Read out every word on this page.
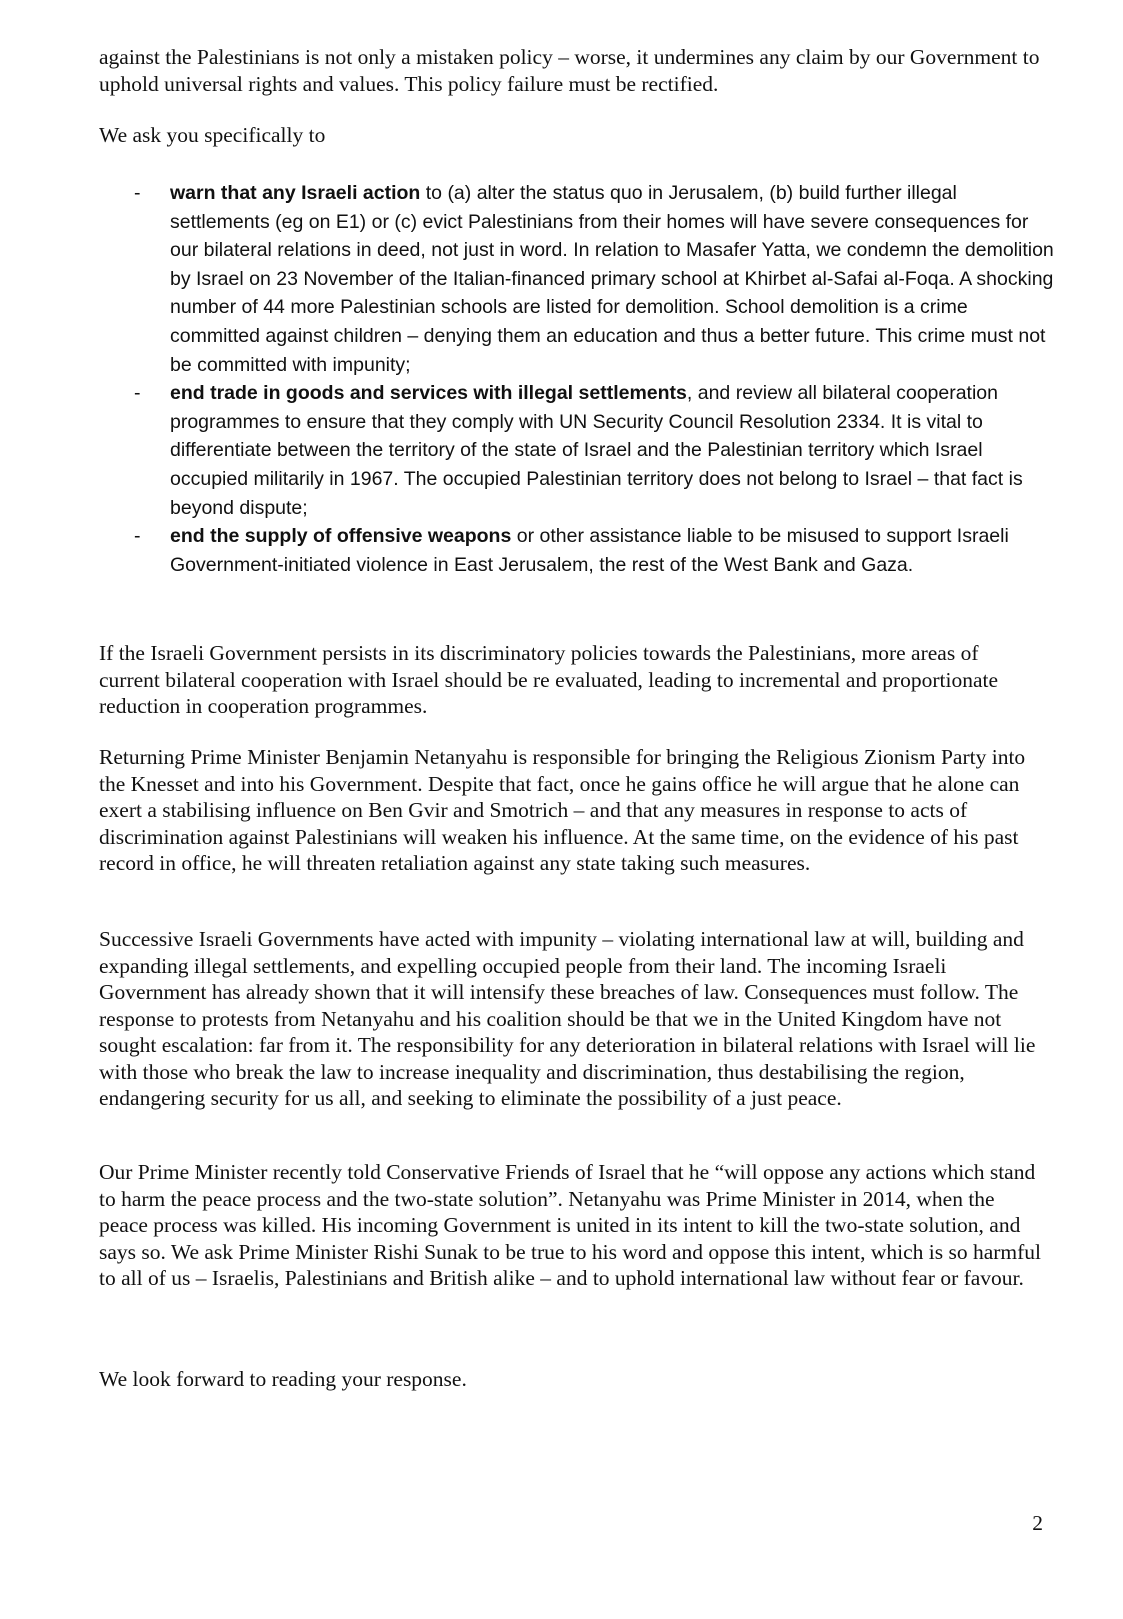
against the Palestinians is not only a mistaken policy – worse, it undermines any claim by our Government to uphold universal rights and values. This policy failure must be rectified.

We ask you specifically to

- warn that any Israeli action to (a) alter the status quo in Jerusalem, (b) build further illegal settlements (eg on E1) or (c) evict Palestinians from their homes will have severe consequences for our bilateral relations in deed, not just in word. In relation to Masafer Yatta, we condemn the demolition by Israel on 23 November of the Italian-financed primary school at Khirbet al-Safai al-Foqa. A shocking number of 44 more Palestinian schools are listed for demolition. School demolition is a crime committed against children – denying them an education and thus a better future. This crime must not be committed with impunity;
- end trade in goods and services with illegal settlements, and review all bilateral cooperation programmes to ensure that they comply with UN Security Council Resolution 2334. It is vital to differentiate between the territory of the state of Israel and the Palestinian territory which Israel occupied militarily in 1967. The occupied Palestinian territory does not belong to Israel – that fact is beyond dispute;
- end the supply of offensive weapons or other assistance liable to be misused to support Israeli Government-initiated violence in East Jerusalem, the rest of the West Bank and Gaza.

If the Israeli Government persists in its discriminatory policies towards the Palestinians, more areas of current bilateral cooperation with Israel should be re evaluated, leading to incremental and proportionate reduction in cooperation programmes.

Returning Prime Minister Benjamin Netanyahu is responsible for bringing the Religious Zionism Party into the Knesset and into his Government. Despite that fact, once he gains office he will argue that he alone can exert a stabilising influence on Ben Gvir and Smotrich – and that any measures in response to acts of discrimination against Palestinians will weaken his influence. At the same time, on the evidence of his past record in office, he will threaten retaliation against any state taking such measures.

Successive Israeli Governments have acted with impunity – violating international law at will, building and expanding illegal settlements, and expelling occupied people from their land. The incoming Israeli Government has already shown that it will intensify these breaches of law. Consequences must follow. The response to protests from Netanyahu and his coalition should be that we in the United Kingdom have not sought escalation: far from it. The responsibility for any deterioration in bilateral relations with Israel will lie with those who break the law to increase inequality and discrimination, thus destabilising the region, endangering security for us all, and seeking to eliminate the possibility of a just peace.

Our Prime Minister recently told Conservative Friends of Israel that he “will oppose any actions which stand to harm the peace process and the two-state solution”. Netanyahu was Prime Minister in 2014, when the peace process was killed. His incoming Government is united in its intent to kill the two-state solution, and says so. We ask Prime Minister Rishi Sunak to be true to his word and oppose this intent, which is so harmful to all of us – Israelis, Palestinians and British alike – and to uphold international law without fear or favour.

We look forward to reading your response.

2
